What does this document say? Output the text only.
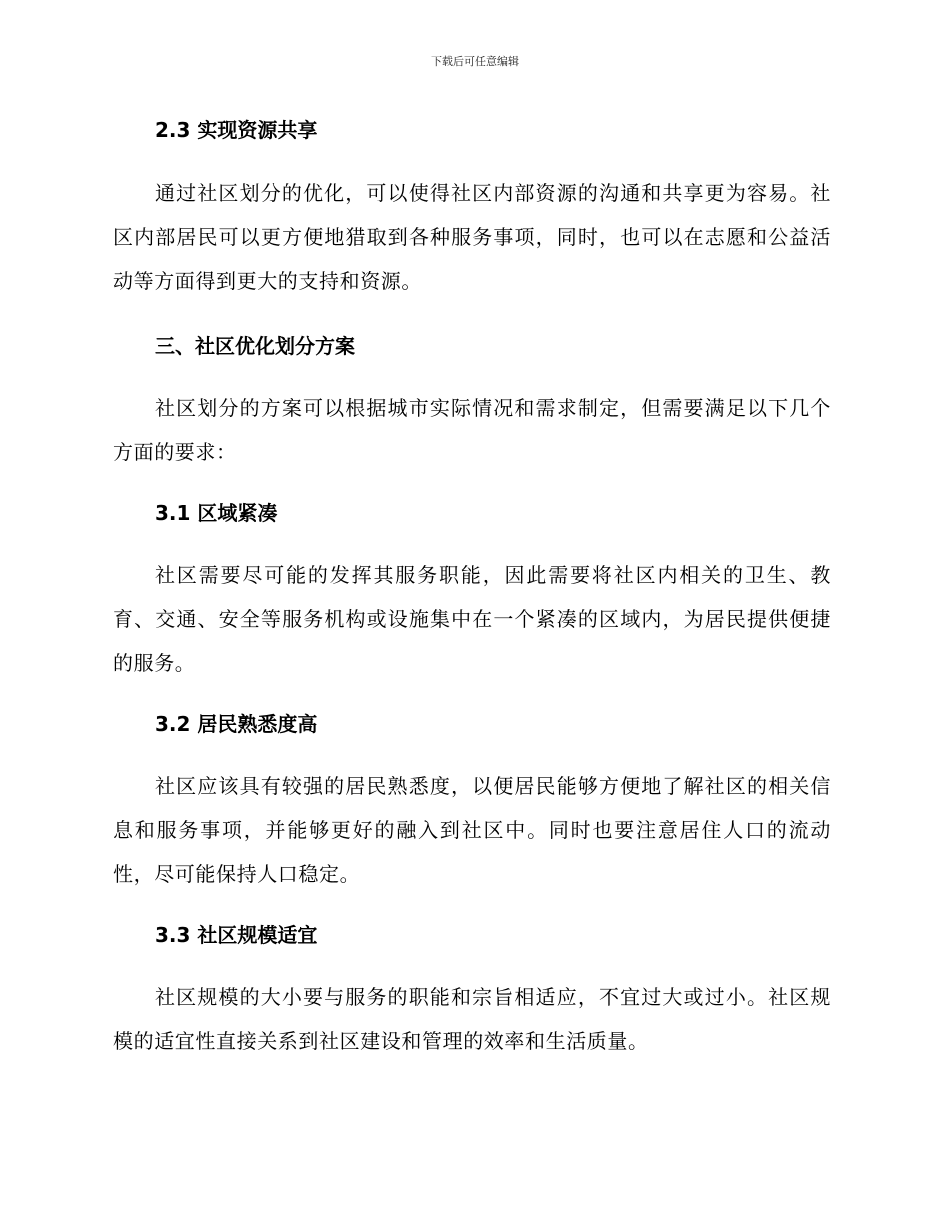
下载后可任意编辑
2.3 实现资源共享

通过社区划分的优化，可以使得社区内部资源的沟通和共享更为容易。社区内部居民可以更方便地猎取到各种服务事项，同时，也可以在志愿和公益活动等方面得到更大的支持和资源。

三、社区优化划分方案

社区划分的方案可以根据城市实际情况和需求制定，但需要满足以下几个方面的要求：

3.1 区域紧凑

社区需要尽可能的发挥其服务职能，因此需要将社区内相关的卫生、教育、交通、安全等服务机构或设施集中在一个紧凑的区域内，为居民提供便捷的服务。

3.2 居民熟悉度高

社区应该具有较强的居民熟悉度，以便居民能够方便地了解社区的相关信息和服务事项，并能够更好的融入到社区中。同时也要注意居住人口的流动性，尽可能保持人口稳定。

3.3 社区规模适宜

社区规模的大小要与服务的职能和宗旨相适应，不宜过大或过小。社区规模的适宜性直接关系到社区建设和管理的效率和生活质量。
